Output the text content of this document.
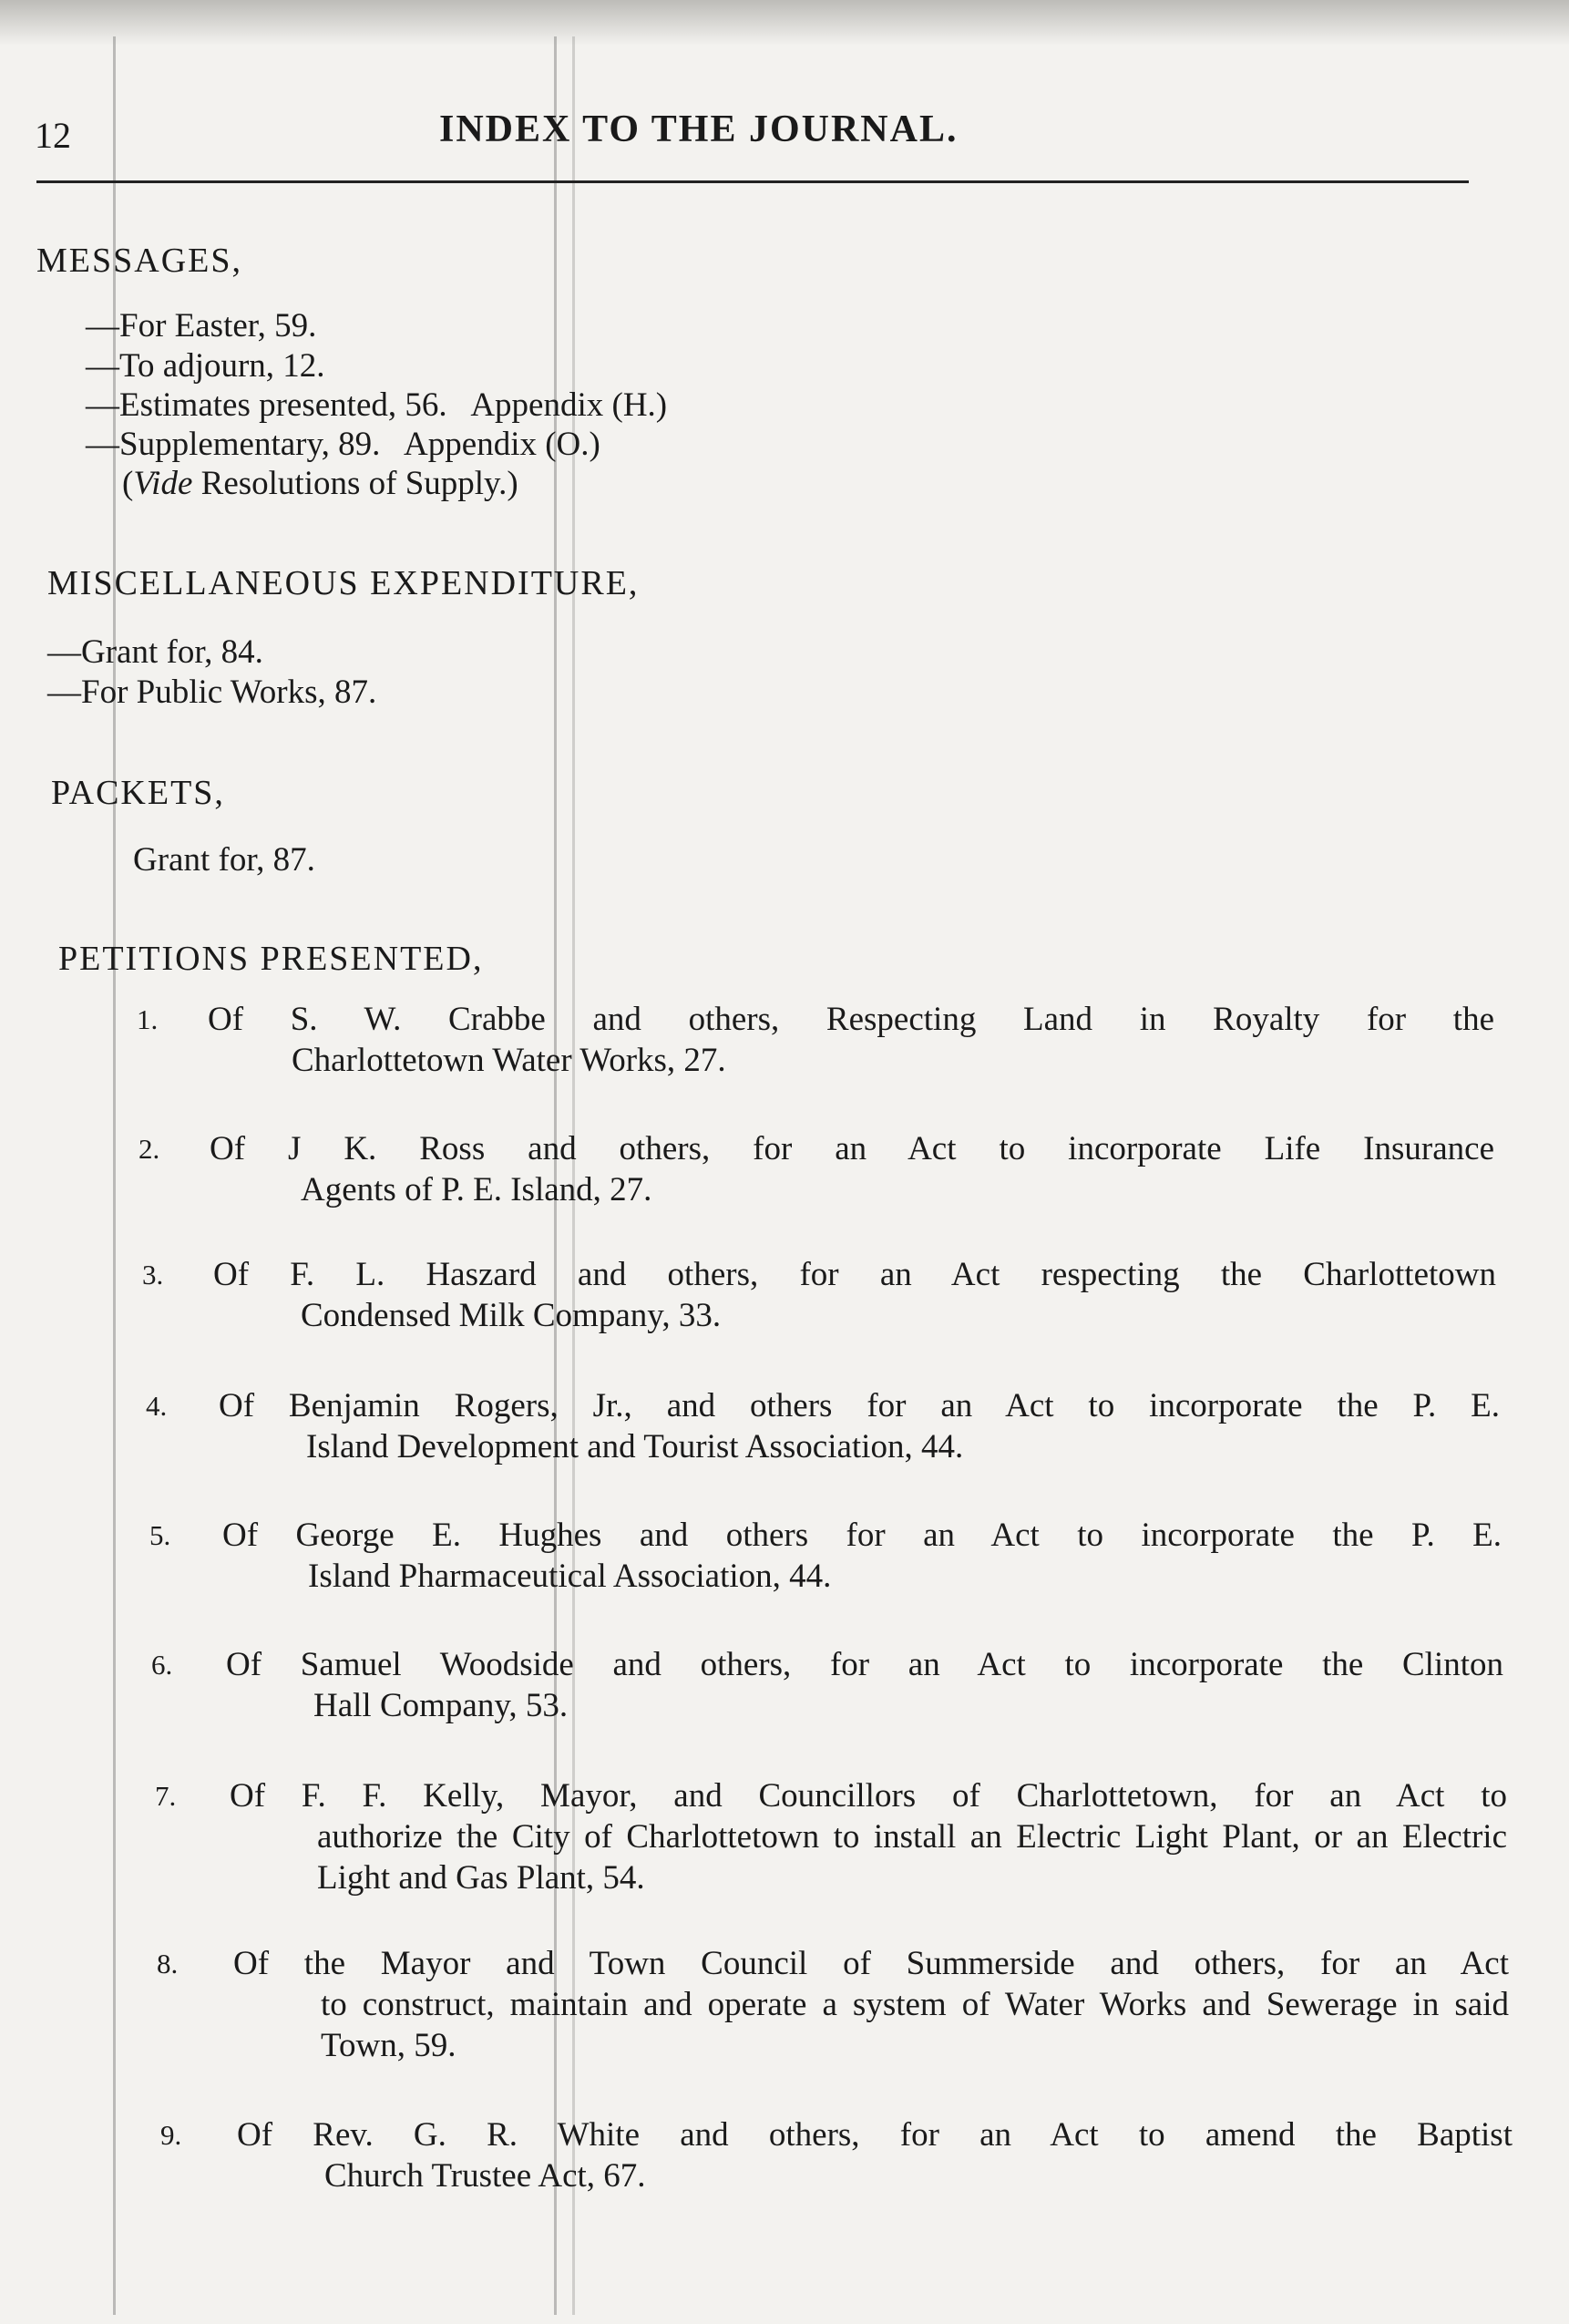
12	INDEX TO THE JOURNAL.
MESSAGES,
—For Easter, 59.
—To adjourn, 12.
—Estimates presented, 56.   Appendix (H.)
—Supplementary, 89.   Appendix (O.)
(Vide Resolutions of Supply.)
MISCELLANEOUS EXPENDITURE,
—Grant for, 84.
—For Public Works, 87.
PACKETS,
Grant for, 87.
PETITIONS PRESENTED,
1.	Of S. W. Crabbe and others, Respecting Land in Royalty for the
Charlottetown Water Works, 27.
2.	Of J K. Ross and others, for an Act to incorporate Life Insurance
Agents of P. E. Island, 27.
3.	Of F. L. Haszard and others, for an Act respecting the Charlottetown
Condensed Milk Company, 33.
4.	Of Benjamin Rogers, Jr., and others for an Act to incorporate the P. E.
Island Development and Tourist Association, 44.
5.	Of George E. Hughes and others for an Act to incorporate the P. E.
Island Pharmaceutical Association, 44.
6.	Of Samuel Woodside and others, for an Act to incorporate the Clinton
Hall Company, 53.
7.	Of F. F. Kelly, Mayor, and Councillors of Charlottetown, for an Act to
authorize the City of Charlottetown to install an Electric Light Plant, or an Electric Light and Gas Plant, 54.
8.	Of the Mayor and Town Council of Summerside and others, for an Act
to construct, maintain and operate a system of Water Works and Sewerage in said Town, 59.
9.	Of Rev. G. R. White and others, for an Act to amend the Baptist
Church Trustee Act, 67.
